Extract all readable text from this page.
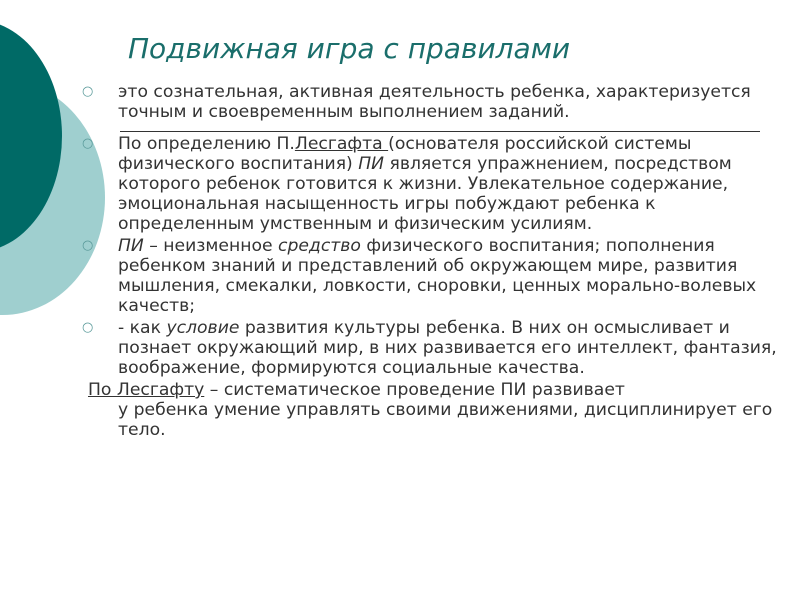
Подвижная игра с правилами

○ это сознательная, активная деятельность ребенка, характеризуется точным и своевременным выполнением заданий.

○ По определению П.Лесгафта (основателя российской системы физического воспитания) ПИ является упражнением, посредством которого ребенок готовится к жизни. Увлекательное содержание, эмоциональная насыщенность игры побуждают ребенка к определенным умственным и физическим усилиям.

○ ПИ – неизменное средство физического воспитания; пополнения ребенком знаний и представлений об окружающем мире, развития мышления, смекалки, ловкости, сноровки, ценных морально-волевых качеств;

○ - как условие развития культуры ребенка. В них он осмысливает и познает окружающий мир, в них развивается его интеллект, фантазия, воображение, формируются социальные качества.

По Лесгафту – систематическое проведение ПИ развивает
у ребенка умение управлять своими движениями, дисциплинирует его тело.
